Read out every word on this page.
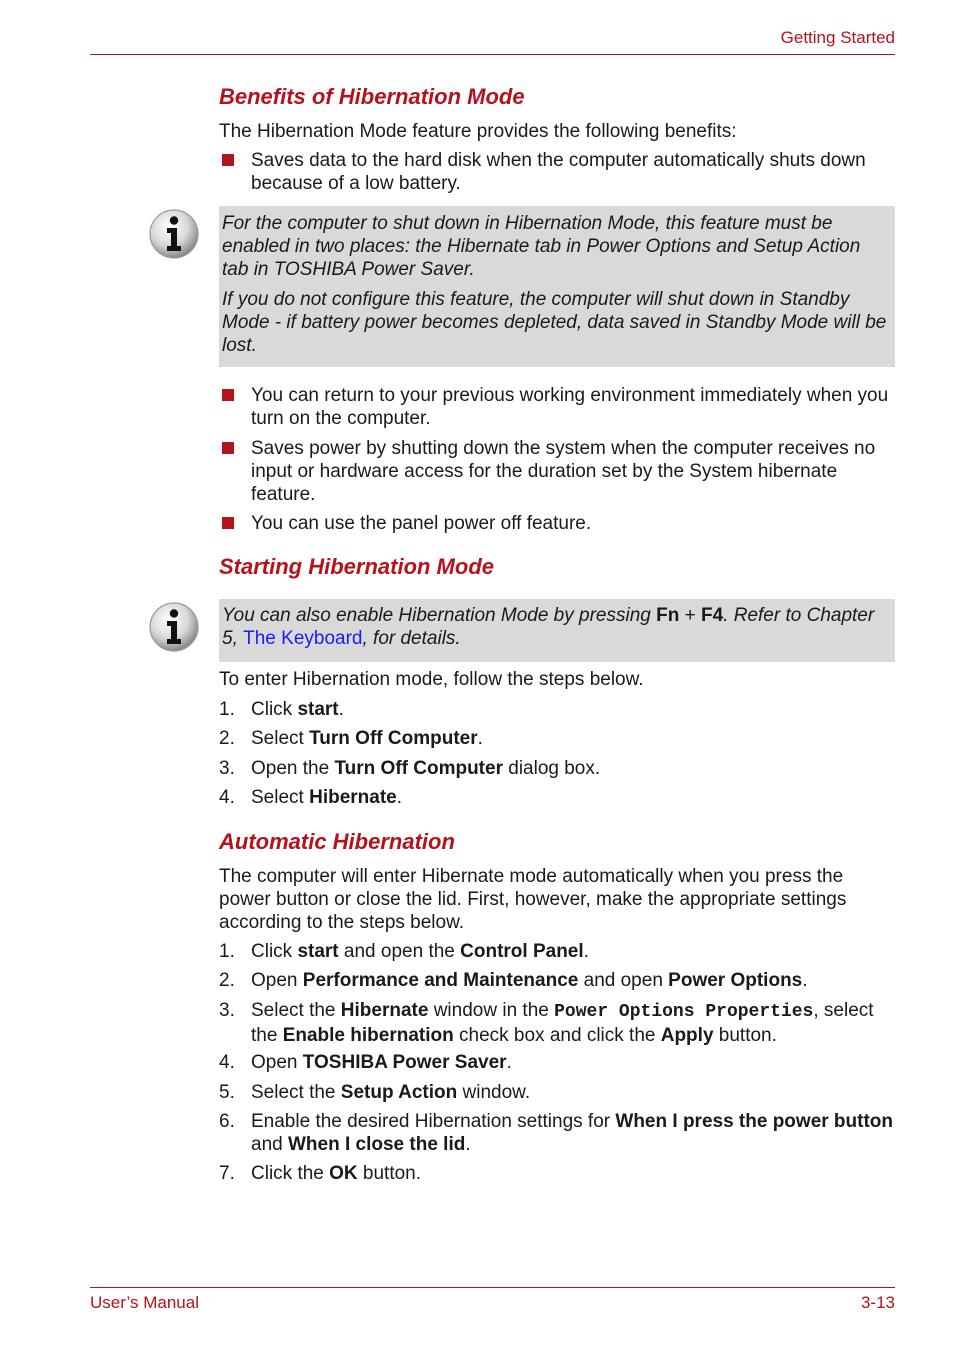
Getting Started
Benefits of Hibernation Mode

The Hibernation Mode feature provides the following benefits:

Saves data to the hard disk when the computer automatically shuts down because of a low battery.

For the computer to shut down in Hibernation Mode, this feature must be enabled in two places: the Hibernate tab in Power Options and Setup Action tab in TOSHIBA Power Saver.

If you do not configure this feature, the computer will shut down in Standby Mode - if battery power becomes depleted, data saved in Standby Mode will be lost.

You can return to your previous working environment immediately when you turn on the computer.
Saves power by shutting down the system when the computer receives no input or hardware access for the duration set by the System hibernate feature.
You can use the panel power off feature.
Starting Hibernation Mode

You can also enable Hibernation Mode by pressing Fn + F4. Refer to Chapter 5, The Keyboard, for details.

To enter Hibernation mode, follow the steps below.

1. Click start.
2. Select Turn Off Computer.
3. Open the Turn Off Computer dialog box.
4. Select Hibernate.
Automatic Hibernation

The computer will enter Hibernate mode automatically when you press the power button or close the lid. First, however, make the appropriate settings according to the steps below.

1. Click start and open the Control Panel.
2. Open Performance and Maintenance and open Power Options.
3. Select the Hibernate window in the Power Options Properties, select the Enable hibernation check box and click the Apply button.
4. Open TOSHIBA Power Saver.
5. Select the Setup Action window.
6. Enable the desired Hibernation settings for When I press the power button and When I close the lid.
7. Click the OK button.
User’s Manual	3-13
